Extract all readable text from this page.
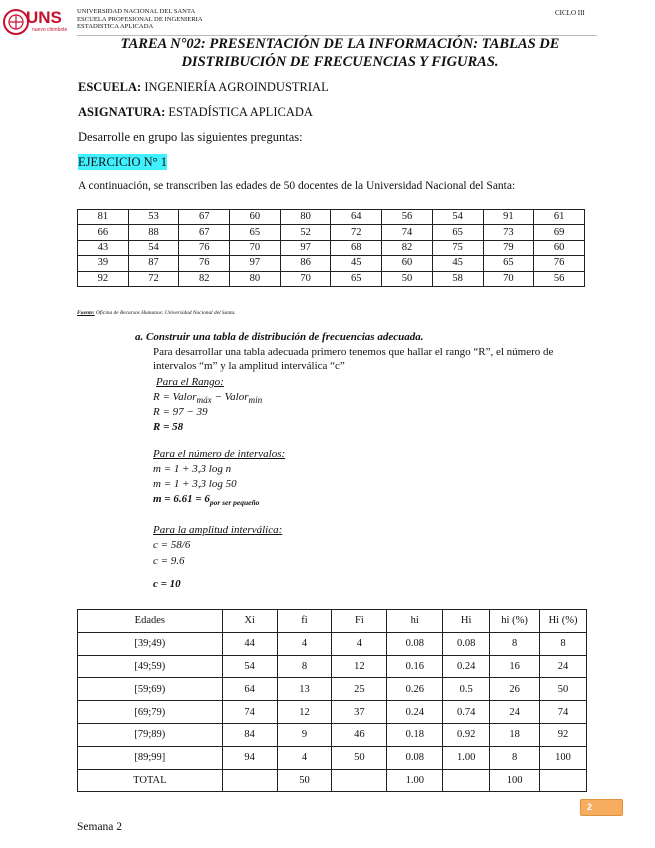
UNS
nuevo chimbote
UNIVERSIDAD NACIONAL DEL SANTA
ESCUELA PROFESIONAL DE INGENIERIA
ESTADISTICA APLICADA
CICLO III
TAREA N°02: PRESENTACIÓN DE LA INFORMACIÓN: TABLAS DE
DISTRIBUCIÓN DE FRECUENCIAS Y FIGURAS.
ESCUELA: INGENIERÍA AGROINDUSTRIAL
ASIGNATURA: ESTADÍSTICA APLICADA
Desarrolle en grupo las siguientes preguntas:
EJERCICIO N° 1
A continuación, se transcriben las edades de 50 docentes de la Universidad Nacional del Santa:
81	53	67	60	80	64	56	54	91	61
66	88	67	65	52	72	74	65	73	69
43	54	76	70	97	68	82	75	79	60
39	87	76	97	86	45	60	45	65	76
92	72	82	80	70	65	50	58	70	56
Fuente: Oficina de Recursos Humanos: Universidad Nacional del Santa.
a. Construir una tabla de distribución de frecuencias adecuada.
Para desarrollar una tabla adecuada primero tenemos que hallar el rango “R”, el número de
intervalos “m” y la amplitud interválica “c”
Para el Rango:
R = Valor$_{máx}$ − Valor$_{min}$
R = 97 − 39
R = 58
Para el número de intervalos:
m = 1 + 3,3 log n
m = 1 + 3,3 log 50
$m = 6.61 = 6_{por ser pequeño}$
Para la amplitud interválica:
c = 58/6
c = 9.6
c = 10
Edades	Xi	fi	Fi	hi	Hi	hi (%)	Hi (%)
[39;49)	44	4	4	0.08	0.08	8	8
[49;59)	54	8	12	0.16	0.24	16	24
[59;69)	64	13	25	0.26	0.5	26	50
[69;79)	74	12	37	0.24	0.74	24	74
[79;89)	84	9	46	0.18	0.92	18	92
[89;99]	94	4	50	0.08	1.00	8	100
TOTAL		50		1.00		100	
2
Semana 2
